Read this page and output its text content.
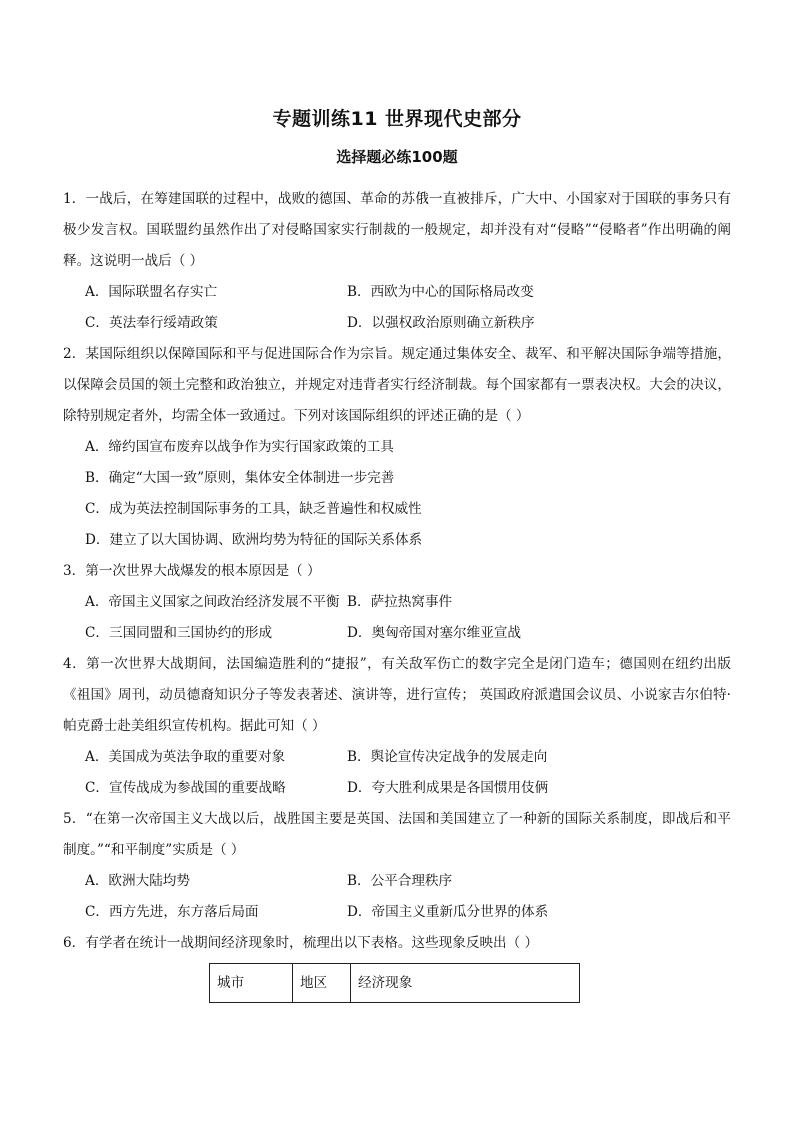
专题训练11 世界现代史部分
选择题必练100题
1．一战后，在筹建国联的过程中，战败的德国、革命的苏俄一直被排斥，广大中、小国家对于国联的事务只有极少发言权。国联盟约虽然作出了对侵略国家实行制裁的一般规定，却并没有对“侵略”“侵略者”作出明确的阐释。这说明一战后（ ）
A．国际联盟名存实亡	B．西欧为中心的国际格局改变
C．英法奉行绥靖政策	D．以强权政治原则确立新秩序
2．某国际组织以保障国际和平与促进国际合作为宗旨。规定通过集体安全、裁军、和平解决国际争端等措施，以保障会员国的领土完整和政治独立，并规定对违背者实行经济制裁。每个国家都有一票表决权。大会的决议，除特别规定者外，均需全体一致通过。下列对该国际组织的评述正确的是（ ）
A．缔约国宣布废弃以战争作为实行国家政策的工具
B．确定“大国一致”原则，集体安全体制进一步完善
C．成为英法控制国际事务的工具，缺乏普遍性和权威性
D．建立了以大国协调、欧洲均势为特征的国际关系体系
3．第一次世界大战爆发的根本原因是（ ）
A．帝国主义国家之间政治经济发展不平衡 B．萨拉热窝事件
C．三国同盟和三国协约的形成	D．奥匈帝国对塞尔维亚宣战
4．第一次世界大战期间，法国编造胜利的“捷报”，有关敌军伤亡的数字完全是闭门造车；德国则在纽约出版《祖国》周刊，动员德裔知识分子等发表著述、演讲等，进行宣传； 英国政府派遣国会议员、小说家吉尔伯特·帕克爵士赴美组织宣传机构。据此可知（ ）
A．美国成为英法争取的重要对象	B．舆论宣传决定战争的发展走向
C．宣传战成为参战国的重要战略	D．夸大胜利成果是各国惯用伎俩
5．“在第一次帝国主义大战以后，战胜国主要是英国、法国和美国建立了一种新的国际关系制度，即战后和平制度。”“和平制度”实质是（ ）
A．欧洲大陆均势	B．公平合理秩序
C．西方先进，东方落后局面	D．帝国主义重新瓜分世界的体系
6．有学者在统计一战期间经济现象时，梳理出以下表格。这些现象反映出（ ）
城市	地区	经济现象
